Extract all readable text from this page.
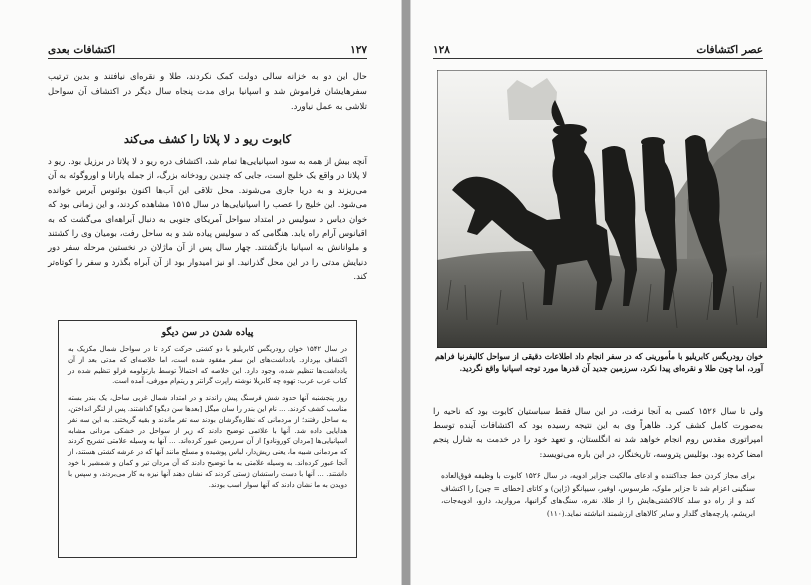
اکتشافات بعدی	۱۲۷
حال این دو به خزانه سالی دولت کمک نکردند، طلا و نقره‌ای نیافتند و بدین ترتیب سفرهایشان فراموش شد و اسپانیا برای مدت پنجاه سال دیگر در اکتشاف آن سواحل تلاشی به عمل نیاورد.
کابوت ریو د لا پلاتا را کشف می‌کند
آنچه بیش از همه به سود اسپانیایی‌ها تمام شد، اکتشاف دره ریو د لا پلاتا در برزیل بود. ریو د لا پلاتا در واقع یک خلیج است، جایی که چندین رودخانه بزرگ، از جمله پارانا و اوروگوئه به آن می‌ریزند و به دریا جاری می‌شوند. محل تلاقی این آب‌ها اکنون بوئنوس آیرس خوانده می‌شود. این خلیج را عصب را اسپانیایی‌ها در سال ۱۵۱۵ مشاهده کردند، و این زمانی بود که خوان دیاس د سولیس در امتداد سواحل آمریکای جنوبی به دنبال آبراهه‌ای می‌گشت که به اقیانوس آرام راه یابد. هنگامی که د سولیس پیاده شد و به ساحل رفت، بومیان وی را کشتند و ملوانانش به اسپانیا بازگشتند. چهار سال پس از آن ماژلان در نخستین مرحله سفر دور دنیایش مدتی را در این محل گذرانید. او نیز امیدوار بود از آن آبراه بگذرد و سفر را کوتاه‌تر کند.
پیاده شدن در سن دیگو

در سال ۱۵۴۲ خوان رودریگس کابریلیو با دو کشتی حرکت کرد تا در سواحل شمال مکزیک به اکتشاف بپردازد. یادداشت‌های این سفر مفقود شده است، اما خلاصه‌ای که مدتی بعد از آن یادداشت‌ها تنظیم شده، وجود دارد. این خلاصه که احتمالاً توسط بارتولومه فرلو تنظیم شده در کتاب عرب عرب: تهوه چه کابریلا نوشته راپرت گرانتر و ریتم‌ام مورفی، آمده است.

روز پنجشنبه آنها حدود شش فرسنگ پیش راندند و در امتداد شمال غربی ساحل، یک بندر بسته مناسب کشف کردند. ... نام این بندر را سان میگل [بعدها سن دیگو] گذاشتند. پس از لنگر انداختن، به ساحل رفتند؛ از مردمانی که نظاره‌گرشان بودند سه تفر ماندند و بقیه گریختند. به این سه نفر هدایایی داده شد. آنها با علائمی توضیح دادند که زیر از سواحل در خشکی مردانی مشابه اسپانیایی‌ها [مردان کورونادو] از آن سرزمین عبور کرده‌اند. ... آنها به وسیله علامتی تشریح کردند که مردمانی شبیه ما، یعنی ریش‌دار، لباس پوشیده و مسلح مانند آنها که در عرشه کشتی هستند، از آنجا عبور کرده‌اند. به وسیله علامتی به ما توضیح دادند که آن مردان تیر و کمان و شمشیر با خود داشتند. ... آنها با دست راستشان ژستی کردند که نشان دهند آنها نیزه به کار می‌بردند، و سپس با دویدن به ما نشان دادند که آنها سوار اسب بودند.

۱۲۸	عصر اکتشافات
خوان رودریگس کابریلیو با مأمورینی که در سفر انجام داد اطلاعات دقیقی از سواحل کالیفرنیا فراهم آورد، اما چون طلا و نقره‌ای پیدا نکرد، سرزمین جدید آن قدرها مورد توجه اسپانیا واقع نگردید.
ولی تا سال ۱۵۲۶ کسی به آنجا نرفت، در این سال فقط سباستیان کابوت بود که ناحیه را به‌صورت کامل کشف کرد. ظاهراً وی به این نتیجه رسیده بود که اکتشافات آینده توسط امپراتوری مقدس روم انجام خواهد شد نه انگلستان، و تعهد خود را در خدمت به شارل پنجم امضا کرده بود. بوئلیس پتروسه، تاریخنگار، در این باره می‌نویسد:
برای مجاز کردن خط جداکننده و ادعای مالکیت جزایر ادویه، در سال ۱۵۲۶ کابوت با وظیفه فوق‌العاده سنگینی اعزام شد تا جزایر ملوک، طرسوس، اوفیر، سیپانگو (ژاپن) و کاتای [خطای = چین] را اکتشاف کند و از راه دو سلد کالاکشتی‌هایش را از طلا، نقره، سنگ‌های گرانبها، مروارید، دارو، ادویه‌جات، ابریشم، پارچه‌های گلدار و سایر کالاهای ارزشمند انباشته نماید.(۱۱۰)
